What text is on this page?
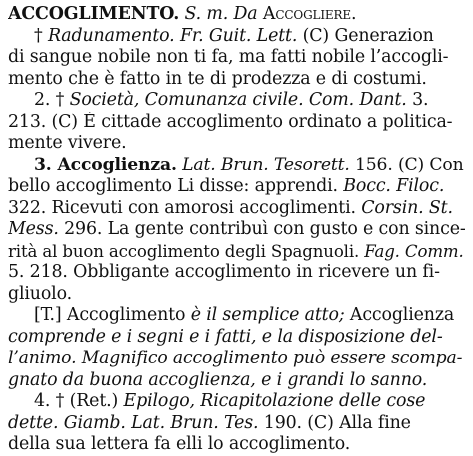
ACCOGLIMENTO. S. m. Da Accogliere.
† Radunamento. Fr. Guit. Lett. (C) Generazion
di sangue nobile non ti fa, ma fatti nobile l’accogli-
mento che è fatto in te di prodezza e di costumi.
2. † Società, Comunanza civile. Com. Dant. 3.
213. (C) È cittade accoglimento ordinato a politica-
mente vivere.
3. Accoglienza. Lat. Brun. Tesorett. 156. (C) Con
bello accoglimento Li disse: apprendi. Bocc. Filoc.
322. Ricevuti con amorosi accoglimenti. Corsin. St.
Mess. 296. La gente contribuì con gusto e con since-
rità al buon accoglimento degli Spagnuoli. Fag. Comm.
5. 218. Obbligante accoglimento in ricevere un fi-
gliuolo.
[T.] Accoglimento è il semplice atto; Accoglienza
comprende e i segni e i fatti, e la disposizione del-
l’animo. Magnifico accoglimento può essere scompa-
gnato da buona accoglienza, e i grandi lo sanno.
4. † (Ret.) Epilogo, Ricapitolazione delle cose
dette. Giamb. Lat. Brun. Tes. 190. (C) Alla fine
della sua lettera fa elli lo accoglimento.
